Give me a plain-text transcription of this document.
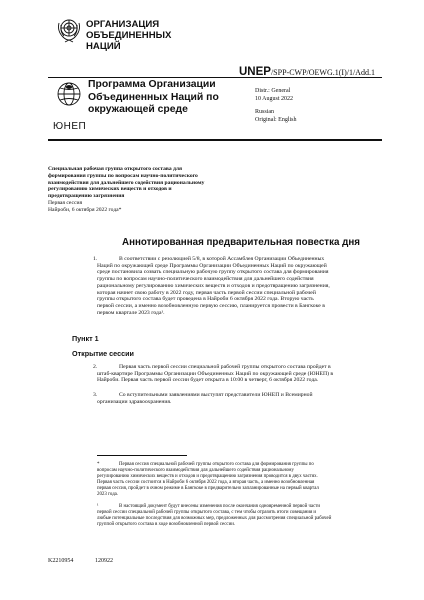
ОРГАНИЗАЦИЯ
ОБЪЕДИНЕННЫХ
НАЦИЙ
UNEP/SPP-CWP/OEWG.1(I)/1/Add.1
ЮНЕП
Программа Организации
Объединенных Наций по
окружающей среде
Distr.: General
10 August 2022
Russian
Original: English
Специальная рабочая группа открытого состава для
формирования группы по вопросам научно-политического
взаимодействия для дальнейшего содействия рациональному
регулированию химических веществ и отходов и
предотвращению загрязнения
Первая сессия
Найроби, 6 октября 2022 года*
Аннотированная предварительная повестка дня
1.	В соответствии с резолюцией 5/8, в которой Ассамблея Организации Объединенных
Наций по окружающей среде Программы Организации Объединенных Наций по окружающей
среде постановила созвать специальную рабочую группу открытого состава для формирования
группы по вопросам научно-политического взаимодействия для дальнейшего содействия
рациональному регулированию химических веществ и отходов и предотвращению загрязнения,
которая начнет свою работу в 2022 году, первая часть первой сессии специальной рабочей
группы открытого состава будет проведена в Найроби 6 октября 2022 года. Вторую часть
первой сессии, а именно возобновленную первую сессию, планируется провести в Бангкоке в
первом квартале 2023 года¹.
Пункт 1
Открытие сессии
2.	Первая часть первой сессии специальной рабочей группы открытого состава пройдет в
штаб-квартире Программы Организации Объединенных Наций по окружающей среде (ЮНЕП) в
Найроби. Первая часть первой сессии будет открыта в 10:00 в четверг, 6 октября 2022 года.
3.	Со вступительными заявлениями выступят представители ЮНЕП и Всемирной
организации здравоохранения.
*	Первая сессия специальной рабочей группы открытого состава для формирования группы по
вопросам научно-политического взаимодействия для дальнейшего содействия рациональному
регулированию химических веществ и отходов и предотвращению загрязнения проводится в двух частях.
Первая часть сессии состоится в Найроби 6 октября 2022 года, а вторая часть, а именно возобновленная
первая сессия, пройдет в очном режиме в Бангкоке в предварительно запланированные на первый квартал
2023 года.
¹	В настоящий документ будут внесены изменения после окончания одновременной первой части
первой сессии специальной рабочей группы открытого состава, с тем чтобы отразить итоги совещания и
любые потенциальные последствия для возможных мер, предложенных для рассмотрения специальной рабочей
группой открытого состава в ходе возобновленной первой сессии.
K2210954	120922
